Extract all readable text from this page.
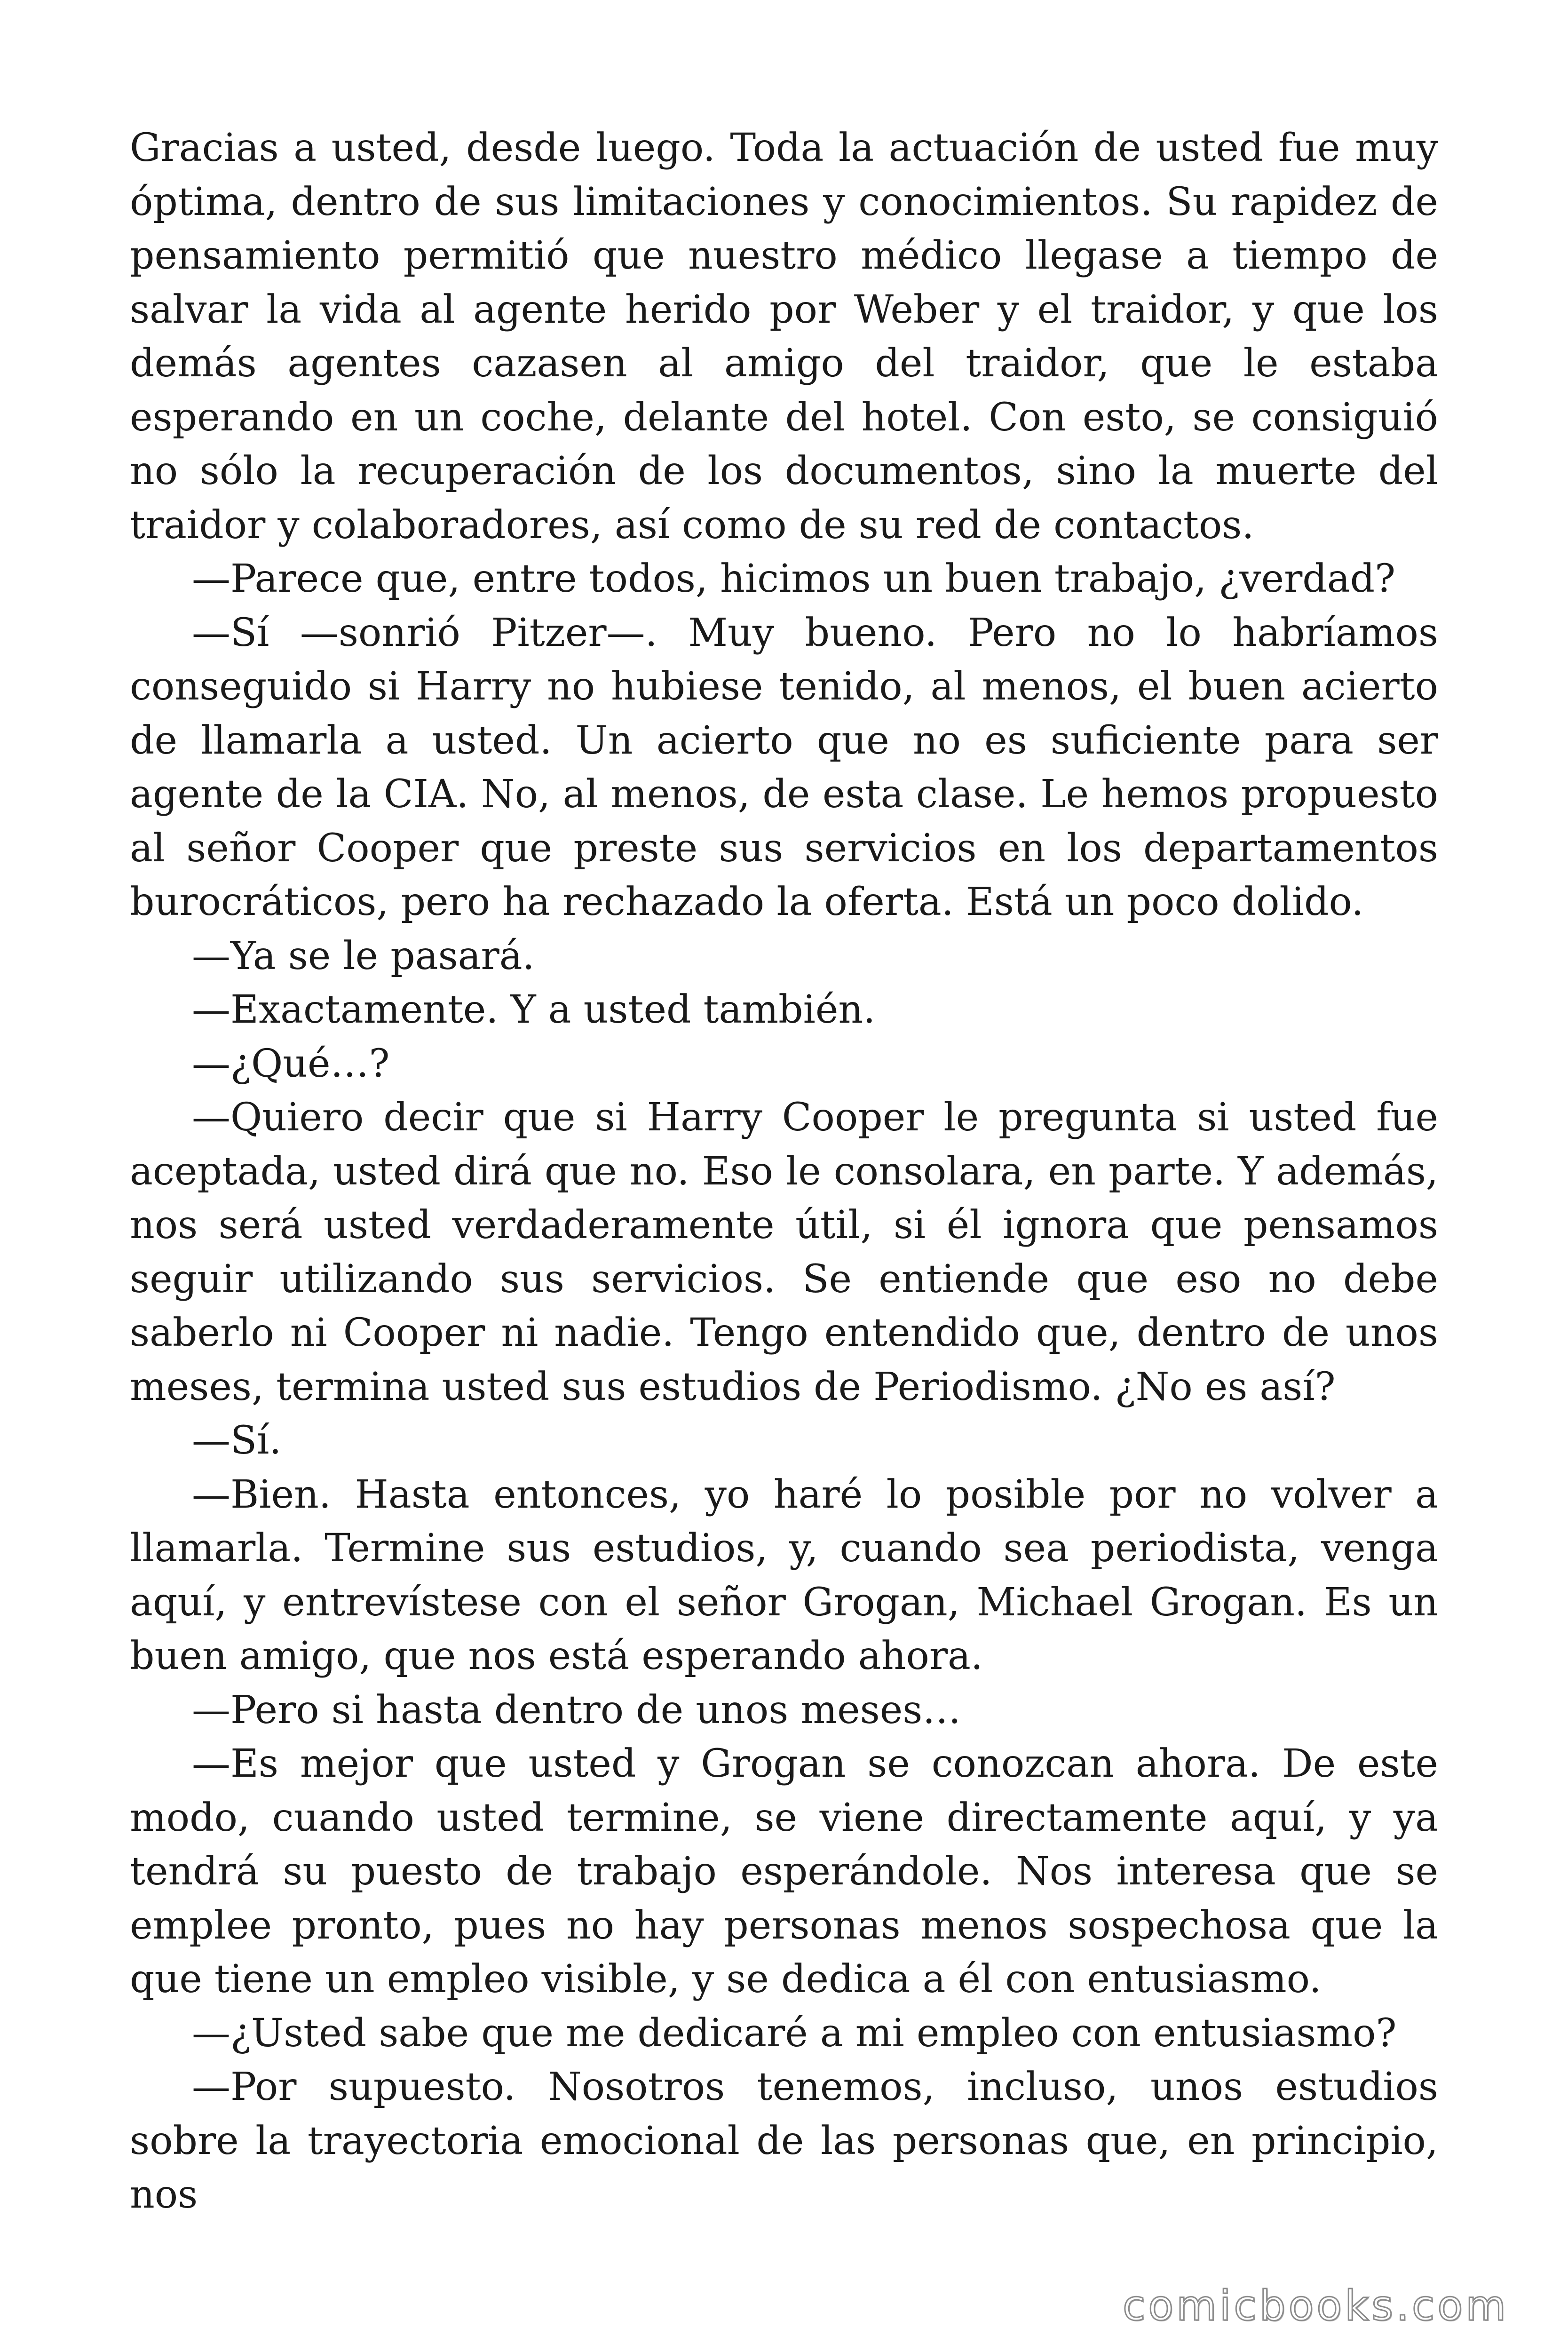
Gracias a usted, desde luego. Toda la actuación de usted fue muy óptima, dentro de sus limitaciones y conocimientos. Su rapidez de pensamiento permitió que nuestro médico llegase a tiempo de salvar la vida al agente herido por Weber y el traidor, y que los demás agentes cazasen al amigo del traidor, que le estaba esperando en un coche, delante del hotel. Con esto, se consiguió no sólo la recuperación de los documentos, sino la muerte del traidor y colaboradores, así como de su red de contactos.

—Parece que, entre todos, hicimos un buen trabajo, ¿verdad?

—Sí —sonrió Pitzer—. Muy bueno. Pero no lo habríamos conseguido si Harry no hubiese tenido, al menos, el buen acierto de llamarla a usted. Un acierto que no es suficiente para ser agente de la CIA. No, al menos, de esta clase. Le hemos propuesto al señor Cooper que preste sus servicios en los departamentos burocráticos, pero ha rechazado la oferta. Está un poco dolido.

—Ya se le pasará.

—Exactamente. Y a usted también.

—¿Qué…?

—Quiero decir que si Harry Cooper le pregunta si usted fue aceptada, usted dirá que no. Eso le consolara, en parte. Y además, nos será usted verdaderamente útil, si él ignora que pensamos seguir utilizando sus servicios. Se entiende que eso no debe saberlo ni Cooper ni nadie. Tengo entendido que, dentro de unos meses, termina usted sus estudios de Periodismo. ¿No es así?

—Sí.

—Bien. Hasta entonces, yo haré lo posible por no volver a llamarla. Termine sus estudios, y, cuando sea periodista, venga aquí, y entrevístese con el señor Grogan, Michael Grogan. Es un buen amigo, que nos está esperando ahora.

—Pero si hasta dentro de unos meses…

—Es mejor que usted y Grogan se conozcan ahora. De este modo, cuando usted termine, se viene directamente aquí, y ya tendrá su puesto de trabajo esperándole. Nos interesa que se emplee pronto, pues no hay personas menos sospechosa que la que tiene un empleo visible, y se dedica a él con entusiasmo.

—¿Usted sabe que me dedicaré a mi empleo con entusiasmo?

—Por supuesto. Nosotros tenemos, incluso, unos estudios sobre la trayectoria emocional de las personas que, en principio, nos

comicbooks.com
